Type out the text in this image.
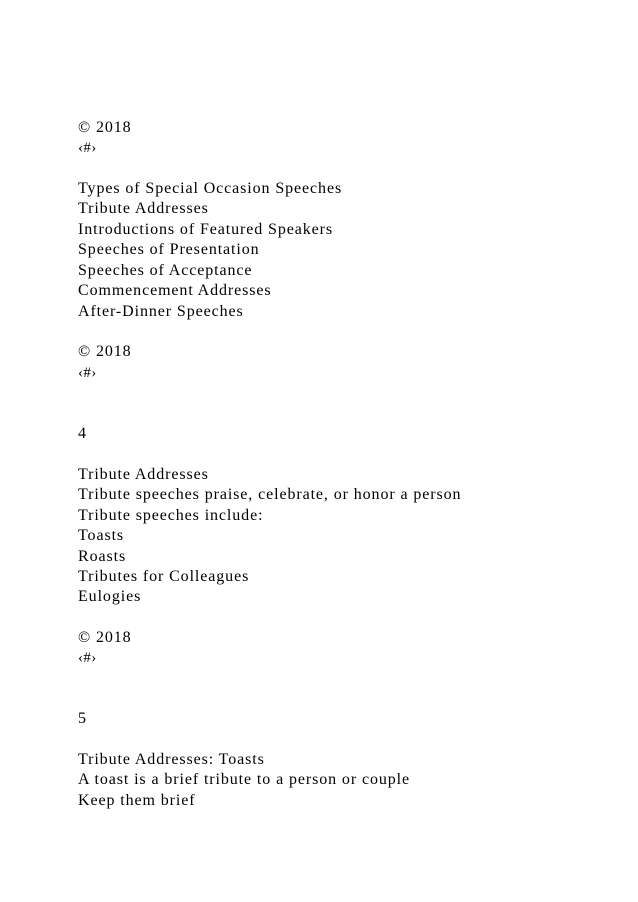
© 2018

‹#›

Types of Special Occasion Speeches

Tribute Addresses

Introductions of Featured Speakers

Speeches of Presentation

Speeches of Acceptance

Commencement Addresses

After-Dinner Speeches

© 2018

‹#›

4

Tribute Addresses

Tribute speeches praise, celebrate, or honor a person

Tribute speeches include:

Toasts

Roasts

Tributes for Colleagues

Eulogies

© 2018

‹#›

5

Tribute Addresses: Toasts

A toast is a brief tribute to a person or couple

Keep them brief
